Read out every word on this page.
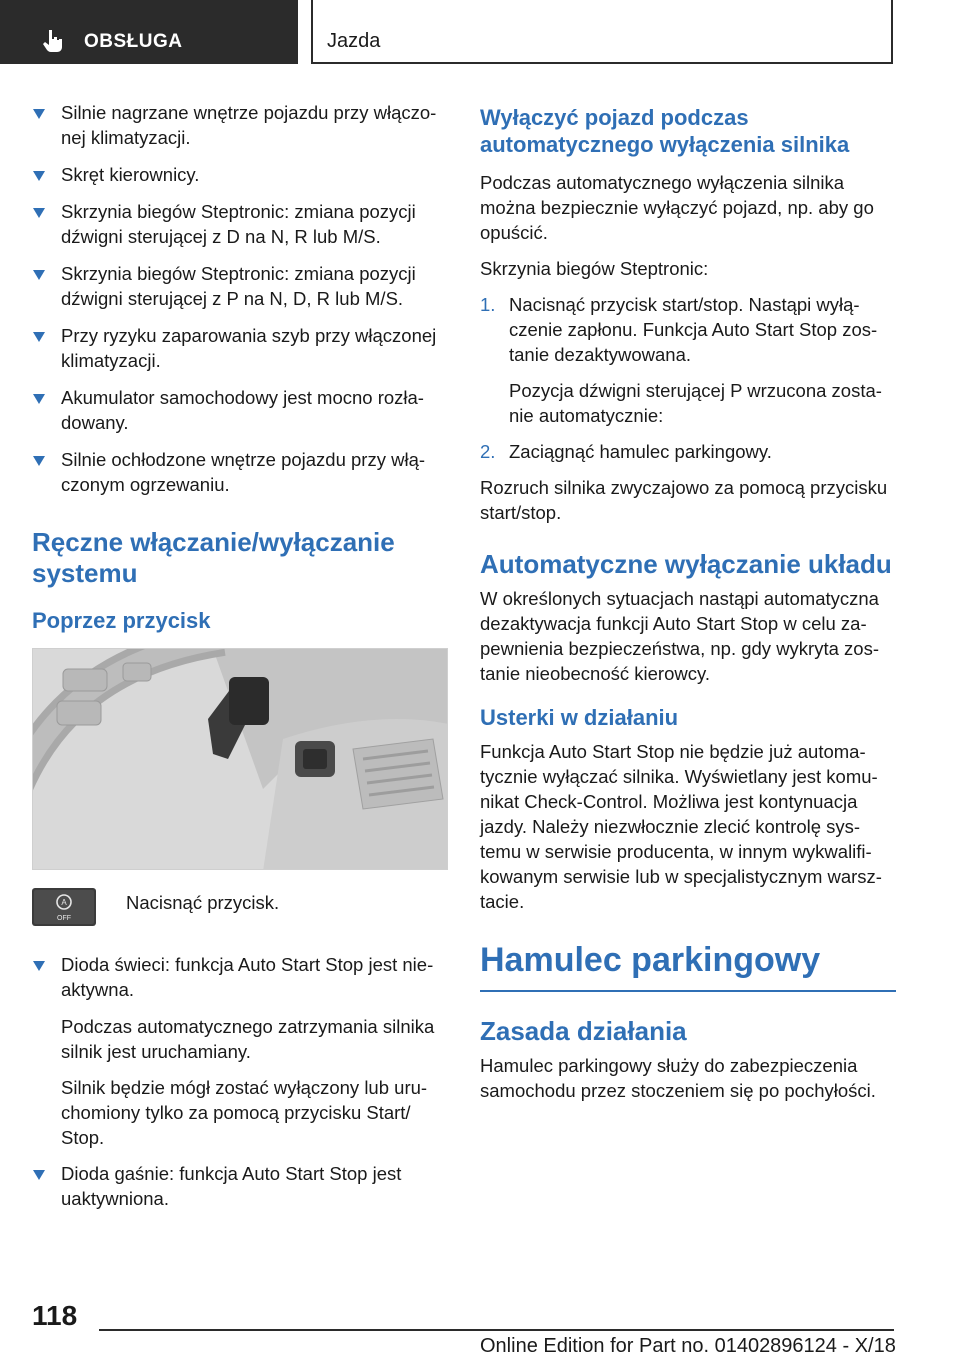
OBSŁUGA	Jazda
Silnie nagrzane wnętrze pojazdu przy włączo-nej klimatyzacji.
Skręt kierownicy.
Skrzynia biegów Steptronic: zmiana pozycji dźwigni sterującej z D na N, R lub M/S.
Skrzynia biegów Steptronic: zmiana pozycji dźwigni sterującej z P na N, D, R lub M/S.
Przy ryzyku zaparowania szyb przy włączonej klimatyzacji.
Akumulator samochodowy jest mocno rozła-dowany.
Silnie ochłodzone wnętrze pojazdu przy włą-czonym ogrzewaniu.
Ręczne włączanie/wyłączanie systemu
Poprzez przycisk
A
OFF
Nacisnąć przycisk.
Dioda świeci: funkcja Auto Start Stop jest nie-aktywna.
Podczas automatycznego zatrzymania silnika silnik jest uruchamiany.
Silnik będzie mógł zostać wyłączony lub uru-chomiony tylko za pomocą przycisku Start/ Stop.
Dioda gaśnie: funkcja Auto Start Stop jest uaktywniona.
Wyłączyć pojazd podczas automatycznego wyłączenia silnika
Podczas automatycznego wyłączenia silnika można bezpiecznie wyłączyć pojazd, np. aby go opuścić.
Skrzynia biegów Steptronic:
1. Nacisnąć przycisk start/stop. Nastąpi wyłą-czenie zapłonu. Funkcja Auto Start Stop zos-tanie dezaktywowana.
Pozycja dźwigni sterującej P wrzucona zosta-nie automatycznie:
2. Zaciągnąć hamulec parkingowy.
Rozruch silnika zwyczajowo za pomocą przycisku start/stop.
Automatyczne wyłączanie układu
W określonych sytuacjach nastąpi automatyczna dezaktywacja funkcji Auto Start Stop w celu za-pewnienia bezpieczeństwa, np. gdy wykryta zos-tanie nieobecność kierowcy.
Usterki w działaniu
Funkcja Auto Start Stop nie będzie już automa-tycznie wyłączać silnika. Wyświetlany jest komu-nikat Check-Control. Możliwa jest kontynuacja jazdy. Należy niezwłocznie zlecić kontrolę sys-temu w serwisie producenta, w innym wykwalifi-kowanym serwisie lub w specjalistycznym warsz-tacie.
Hamulec parkingowy
Zasada działania
Hamulec parkingowy służy do zabezpieczenia samochodu przez stoczeniem się po pochyłości.
118
Online Edition for Part no. 01402896124 - X/18
